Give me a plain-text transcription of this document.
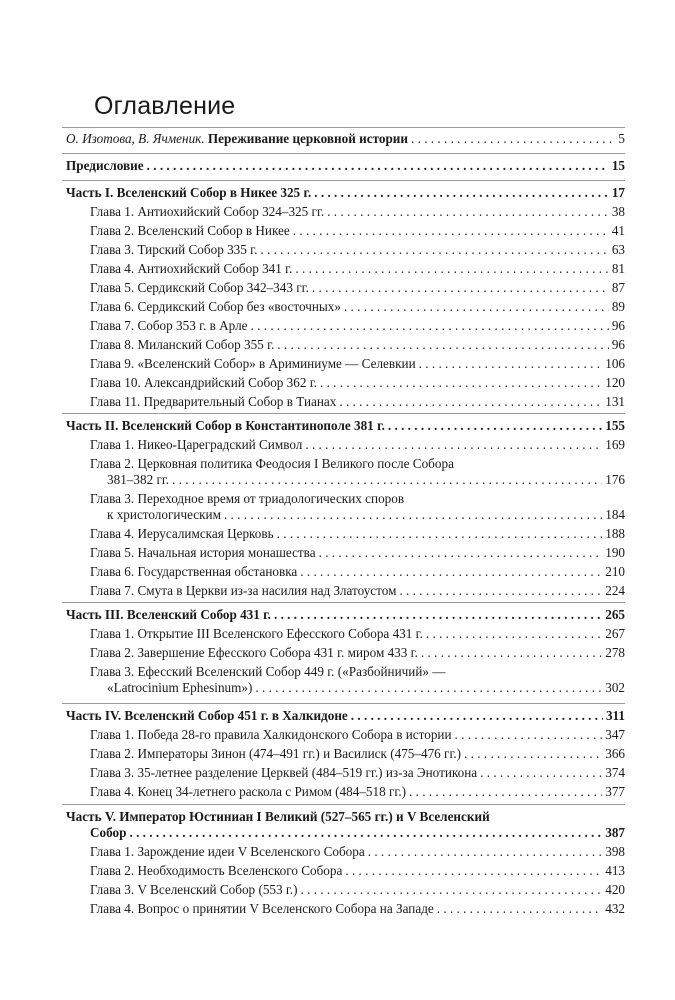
Оглавление
О. Изотова, В. Ячменик. Переживание церковной истории . . .	5
Предисловие . . .	15
Часть I. Вселенский Собор в Никее 325 г. . . .	17
Глава 1. Антиохийский Собор 324–325 гг. . . .	38
Глава 2. Вселенский Собор в Никее . . .	41
Глава 3. Тирский Собор 335 г. . . .	63
Глава 4. Антиохийский Собор 341 г. . . .	81
Глава 5. Сердикский Собор 342–343 гг. . . .	87
Глава 6. Сердикский Собор без «восточных» . . .	89
Глава 7. Собор 353 г. в Арле . . .	96
Глава 8. Миланский Собор 355 г. . . .	96
Глава 9. «Вселенский Собор» в Ариминиуме — Селевкии . . .	106
Глава 10. Александрийский Собор 362 г. . . .	120
Глава 11. Предварительный Собор в Тианах . . .	131
Часть II. Вселенский Собор в Константинополе 381 г. . . .	155
Глава 1. Никео-Цареградский Символ . . .	169
Глава 2. Церковная политика Феодосия I Великого после Собора
381–382 гг. . . .	176
Глава 3. Переходное время от триадологических споров
к христологическим . . .	184
Глава 4. Иерусалимская Церковь . . .	188
Глава 5. Начальная история монашества . . .	190
Глава 6. Государственная обстановка . . .	210
Глава 7. Смута в Церкви из-за насилия над Златоустом . . .	224
Часть III. Вселенский Собор 431 г. . . .	265
Глава 1. Открытие III Вселенского Ефесского Собора 431 г. . . .	267
Глава 2. Завершение Ефесского Собора 431 г. миром 433 г. . . .	278
Глава 3. Ефесский Вселенский Собор 449 г. («Разбойничий» —
«Latrocinium Ephesinum») . . .	302
Часть IV. Вселенский Собор 451 г. в Халкидоне . . .	311
Глава 1. Победа 28-го правила Халкидонского Собора в истории . . .	347
Глава 2. Императоры Зинон (474–491 гг.) и Василиск (475–476 гг.) . . .	366
Глава 3. 35-летнее разделение Церквей (484–519 гг.) из-за Энотикона . . .	374
Глава 4. Конец 34-летнего раскола с Римом (484–518 гг.) . . .	377
Часть V. Император Юстиниан I Великий (527–565 гг.) и V Вселенский
Собор . . .	387
Глава 1. Зарождение идеи V Вселенского Собора . . .	398
Глава 2. Необходимость Вселенского Собора . . .	413
Глава 3. V Вселенский Собор (553 г.) . . .	420
Глава 4. Вопрос о принятии V Вселенского Собора на Западе . . .	432
